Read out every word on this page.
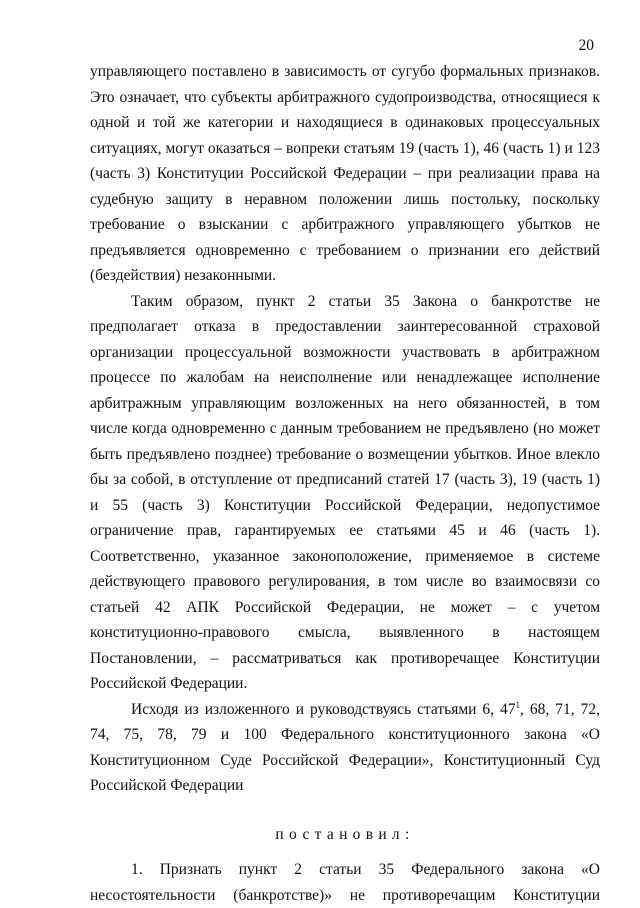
20

управляющего поставлено в зависимость от сугубо формальных признаков. Это означает, что субъекты арбитражного судопроизводства, относящиеся к одной и той же категории и находящиеся в одинаковых процессуальных ситуациях, могут оказаться – вопреки статьям 19 (часть 1), 46 (часть 1) и 123 (часть 3) Конституции Российской Федерации – при реализации права на судебную защиту в неравном положении лишь постольку, поскольку требование о взыскании с арбитражного управляющего убытков не предъявляется одновременно с требованием о признании его действий (бездействия) незаконными.

Таким образом, пункт 2 статьи 35 Закона о банкротстве не предполагает отказа в предоставлении заинтересованной страховой организации процессуальной возможности участвовать в арбитражном процессе по жалобам на неисполнение или ненадлежащее исполнение арбитражным управляющим возложенных на него обязанностей, в том числе когда одновременно с данным требованием не предъявлено (но может быть предъявлено позднее) требование о возмещении убытков. Иное влекло бы за собой, в отступление от предписаний статей 17 (часть 3), 19 (часть 1) и 55 (часть 3) Конституции Российской Федерации, недопустимое ограничение прав, гарантируемых ее статьями 45 и 46 (часть 1). Соответственно, указанное законоположение, применяемое в системе действующего правового регулирования, в том числе во взаимосвязи со статьей 42 АПК Российской Федерации, не может – с учетом конституционно-правового смысла, выявленного в настоящем Постановлении, – рассматриваться как противоречащее Конституции Российской Федерации.

Исходя из изложенного и руководствуясь статьями 6, $47^1$, 68, 71, 72, 74, 75, 78, 79 и 100 Федерального конституционного закона «О Конституционном Суде Российской Федерации», Конституционный Суд Российской Федерации

постановил:

1. Признать пункт 2 статьи 35 Федерального закона «О несостоятельности (банкротстве)» не противоречащим Конституции
